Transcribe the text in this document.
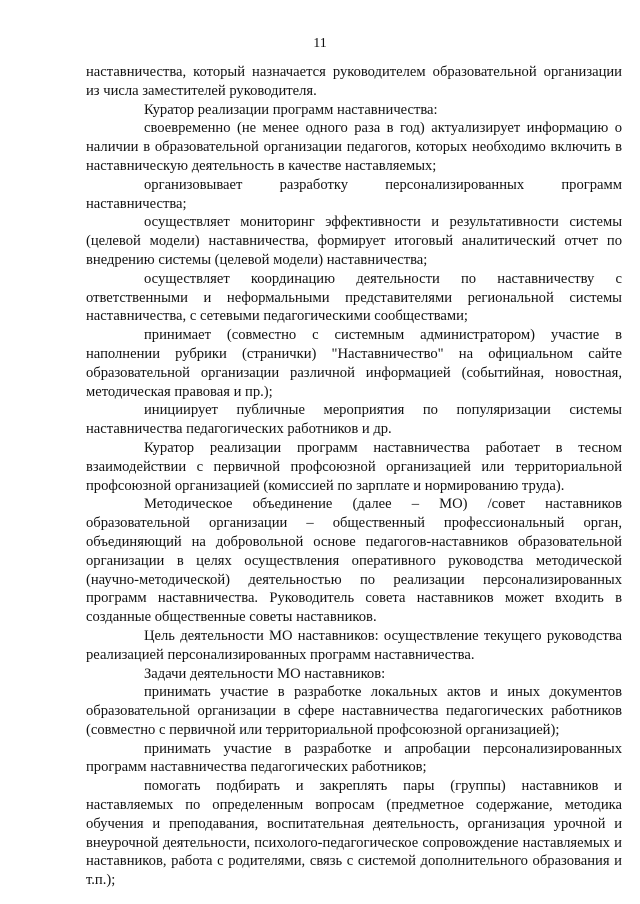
11

наставничества, который назначается руководителем образовательной организации из числа заместителей руководителя.

Куратор реализации программ наставничества:

своевременно (не менее одного раза в год) актуализирует информацию о наличии в образовательной организации педагогов, которых необходимо включить в наставническую деятельность в качестве наставляемых;

организовывает разработку персонализированных программ наставничества;

осуществляет мониторинг эффективности и результативности системы (целевой модели) наставничества, формирует итоговый аналитический отчет по внедрению системы (целевой модели) наставничества;

осуществляет координацию деятельности по наставничеству с ответственными и неформальными представителями региональной системы наставничества, с сетевыми педагогическими сообществами;

принимает (совместно с системным администратором) участие в наполнении рубрики (странички) "Наставничество" на официальном сайте образовательной организации различной информацией (событийная, новостная, методическая правовая и пр.);

инициирует публичные мероприятия по популяризации системы наставничества педагогических работников и др.

Куратор реализации программ наставничества работает в тесном взаимодействии с первичной профсоюзной организацией или территориальной профсоюзной организацией (комиссией по зарплате и нормированию труда).

Методическое объединение (далее – МО) /совет наставников образовательной организации – общественный профессиональный орган, объединяющий на добровольной основе педагогов-наставников образовательной организации в целях осуществления оперативного руководства методической (научно-методической) деятельностью по реализации персонализированных программ наставничества. Руководитель совета наставников может входить в созданные общественные советы наставников.

Цель деятельности МО наставников: осуществление текущего руководства реализацией персонализированных программ наставничества.

Задачи деятельности МО наставников:

принимать участие в разработке локальных актов и иных документов образовательной организации в сфере наставничества педагогических работников (совместно с первичной или территориальной профсоюзной организацией);

принимать участие в разработке и апробации персонализированных программ наставничества педагогических работников;

помогать подбирать и закреплять пары (группы) наставников и наставляемых по определенным вопросам (предметное содержание, методика обучения и преподавания, воспитательная деятельность, организация урочной и внеурочной деятельности, психолого-педагогическое сопровождение наставляемых и наставников, работа с родителями, связь с системой дополнительного образования и т.п.);
